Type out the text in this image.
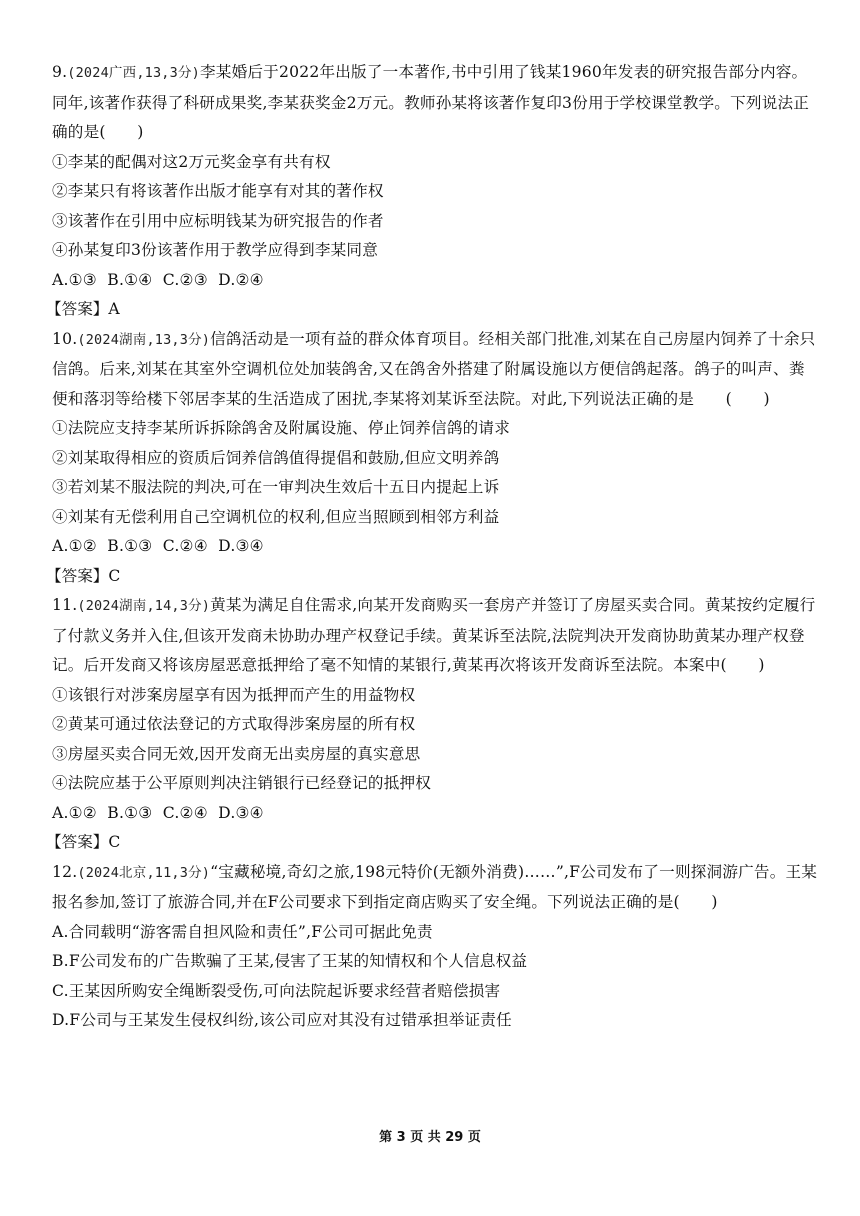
9.(2024广西,13,3分)李某婚后于2022年出版了一本著作,书中引用了钱某1960年发表的研究报告部分内容。同年,该著作获得了科研成果奖,李某获奖金2万元。教师孙某将该著作复印3份用于学校课堂教学。下列说法正确的是(　　)

①李某的配偶对这2万元奖金享有共有权

②李某只有将该著作出版才能享有对其的著作权

③该著作在引用中应标明钱某为研究报告的作者

④孙某复印3份该著作用于教学应得到李某同意

A.①③  B.①④  C.②③  D.②④

【答案】A

10.(2024湖南,13,3分)信鸽活动是一项有益的群众体育项目。经相关部门批准,刘某在自己房屋内饲养了十余只信鸽。后来,刘某在其室外空调机位处加装鸽舍,又在鸽舍外搭建了附属设施以方便信鸽起落。鸽子的叫声、粪便和落羽等给楼下邻居李某的生活造成了困扰,李某将刘某诉至法院。对此,下列说法正确的是　　(　　)

①法院应支持李某所诉拆除鸽舍及附属设施、停止饲养信鸽的请求

②刘某取得相应的资质后饲养信鸽值得提倡和鼓励,但应文明养鸽

③若刘某不服法院的判决,可在一审判决生效后十五日内提起上诉

④刘某有无偿利用自己空调机位的权利,但应当照顾到相邻方利益

A.①②  B.①③  C.②④  D.③④

【答案】C

11.(2024湖南,14,3分)黄某为满足自住需求,向某开发商购买一套房产并签订了房屋买卖合同。黄某按约定履行了付款义务并入住,但该开发商未协助办理产权登记手续。黄某诉至法院,法院判决开发商协助黄某办理产权登记。后开发商又将该房屋恶意抵押给了毫不知情的某银行,黄某再次将该开发商诉至法院。本案中(　　)

①该银行对涉案房屋享有因为抵押而产生的用益物权

②黄某可通过依法登记的方式取得涉案房屋的所有权

③房屋买卖合同无效,因开发商无出卖房屋的真实意思

④法院应基于公平原则判决注销银行已经登记的抵押权

A.①②  B.①③  C.②④  D.③④

【答案】C

12.(2024北京,11,3分)“宝藏秘境,奇幻之旅,198元特价(无额外消费)……”,F公司发布了一则探洞游广告。王某报名参加,签订了旅游合同,并在F公司要求下到指定商店购买了安全绳。下列说法正确的是(　　)

A.合同载明“游客需自担风险和责任”,F公司可据此免责

B.F公司发布的广告欺骗了王某,侵害了王某的知情权和个人信息权益

C.王某因所购安全绳断裂受伤,可向法院起诉要求经营者赔偿损害

D.F公司与王某发生侵权纠纷,该公司应对其没有过错承担举证责任

第 3 页 共 29 页
